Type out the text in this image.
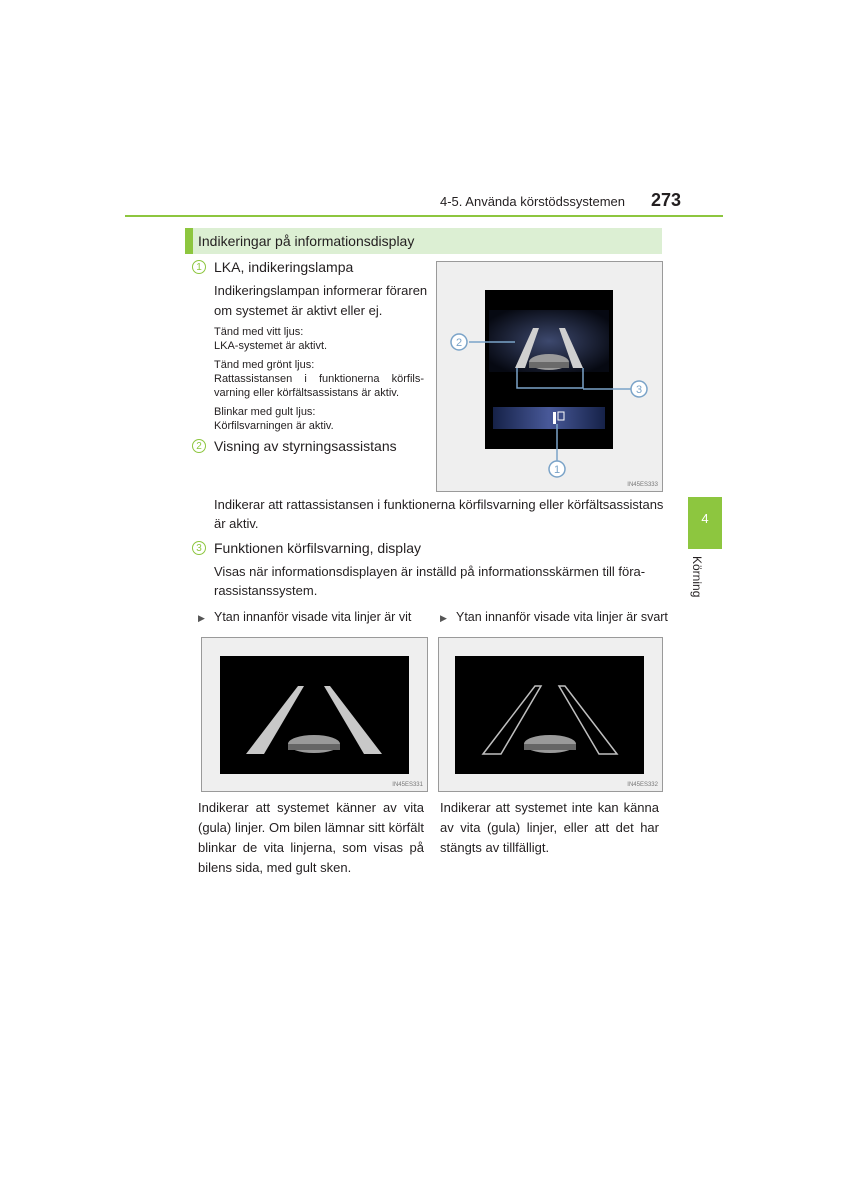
4-5. Använda körstödssystemen 273
4
Körning
Indikeringar på informationsdisplay
1 LKA, indikeringslampa
Indikeringslampan informerar föraren
om systemet är aktivt eller ej.
Tänd med vitt ljus:
LKA-systemet är aktivt.
Tänd med grönt ljus:
Rattassistansen i funktionerna körfils-
varning eller körfältsassistans är aktiv.
Blinkar med gult ljus:
Körfilsvarningen är aktiv.
2 Visning av styrningsassistans
Indikerar att rattassistansen i funktionerna körfilsvarning eller körfältsassistans
är aktiv.
3 Funktionen körfilsvarning, display
Visas när informationsdisplayen är inställd på informationsskärmen till föra-
rassistanssystem.
2
3
1
IN45ES333
▶ Ytan innanför visade vita linjer är vit	▶ Ytan innanför visade vita linjer är svart
IN45ES331	IN45ES332
Indikerar att systemet känner av vita
(gula) linjer. Om bilen lämnar sitt körfält
blinkar de vita linjerna, som visas på
bilens sida, med gult sken.
Indikerar att systemet inte kan känna
av vita (gula) linjer, eller att det har
stängts av tillfälligt.
